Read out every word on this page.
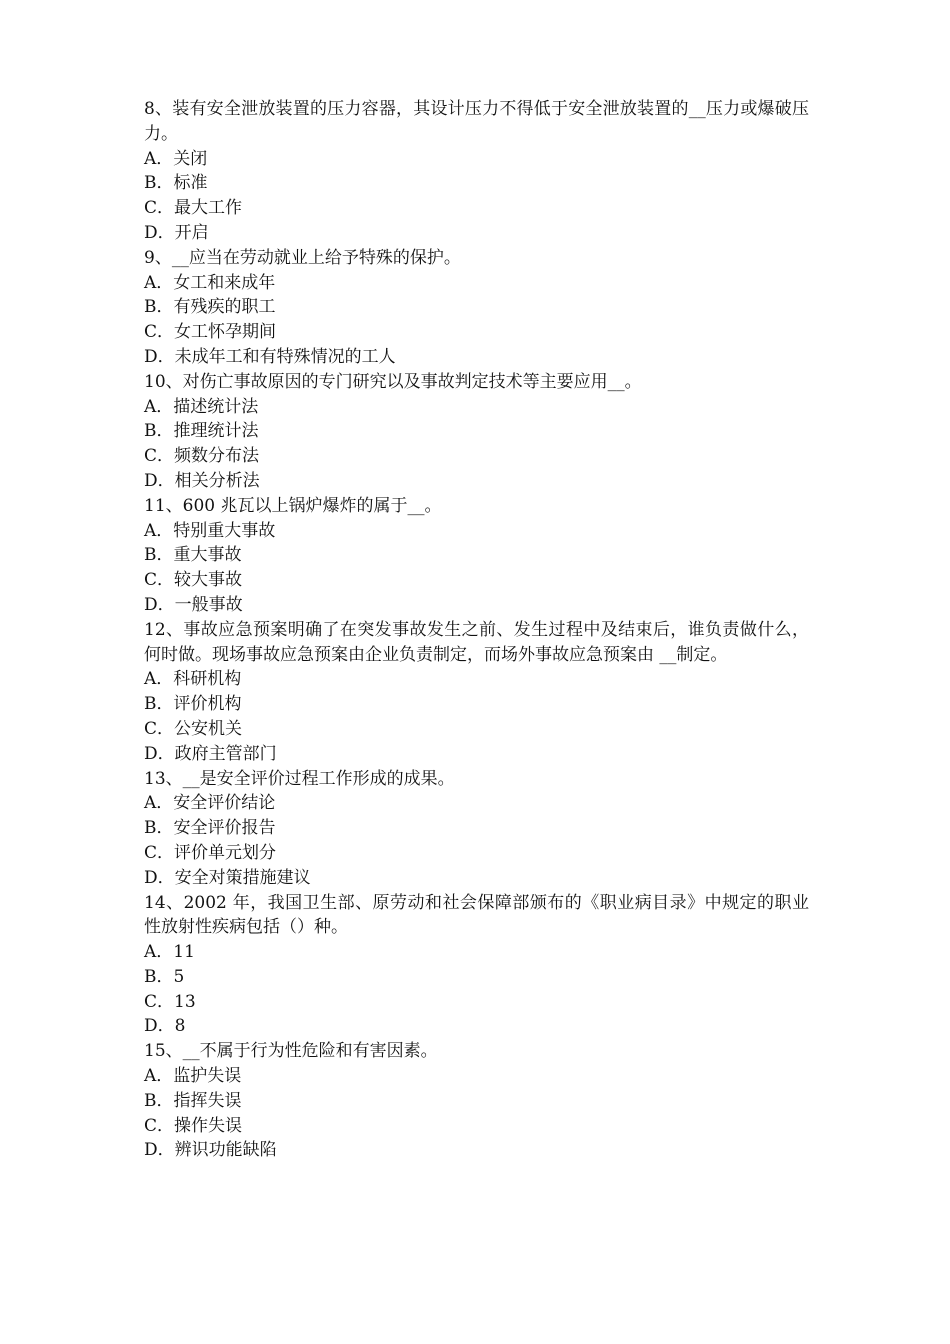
8、装有安全泄放装置的压力容器，其设计压力不得低于安全泄放装置的__压力或爆破压力。

A．关闭

B．标准

C．最大工作

D．开启

9、__应当在劳动就业上给予特殊的保护。

A．女工和来成年

B．有残疾的职工

C．女工怀孕期间

D．未成年工和有特殊情况的工人

10、对伤亡事故原因的专门研究以及事故判定技术等主要应用__。

A．描述统计法

B．推理统计法

C．频数分布法

D．相关分析法

11、600 兆瓦以上锅炉爆炸的属于__。

A．特别重大事故

B．重大事故

C．较大事故

D．一般事故

12、事故应急预案明确了在突发事故发生之前、发生过程中及结束后，谁负责做什么，何时做。现场事故应急预案由企业负责制定，而场外事故应急预案由 __制定。

A．科研机构

B．评价机构

C．公安机关

D．政府主管部门

13、__是安全评价过程工作形成的成果。

A．安全评价结论

B．安全评价报告

C．评价单元划分

D．安全对策措施建议

14、2002 年，我国卫生部、原劳动和社会保障部颁布的《职业病目录》中规定的职业性放射性疾病包括（）种。

A．11

B．5

C．13

D．8

15、__不属于行为性危险和有害因素。

A．监护失误

B．指挥失误

C．操作失误

D．辨识功能缺陷
